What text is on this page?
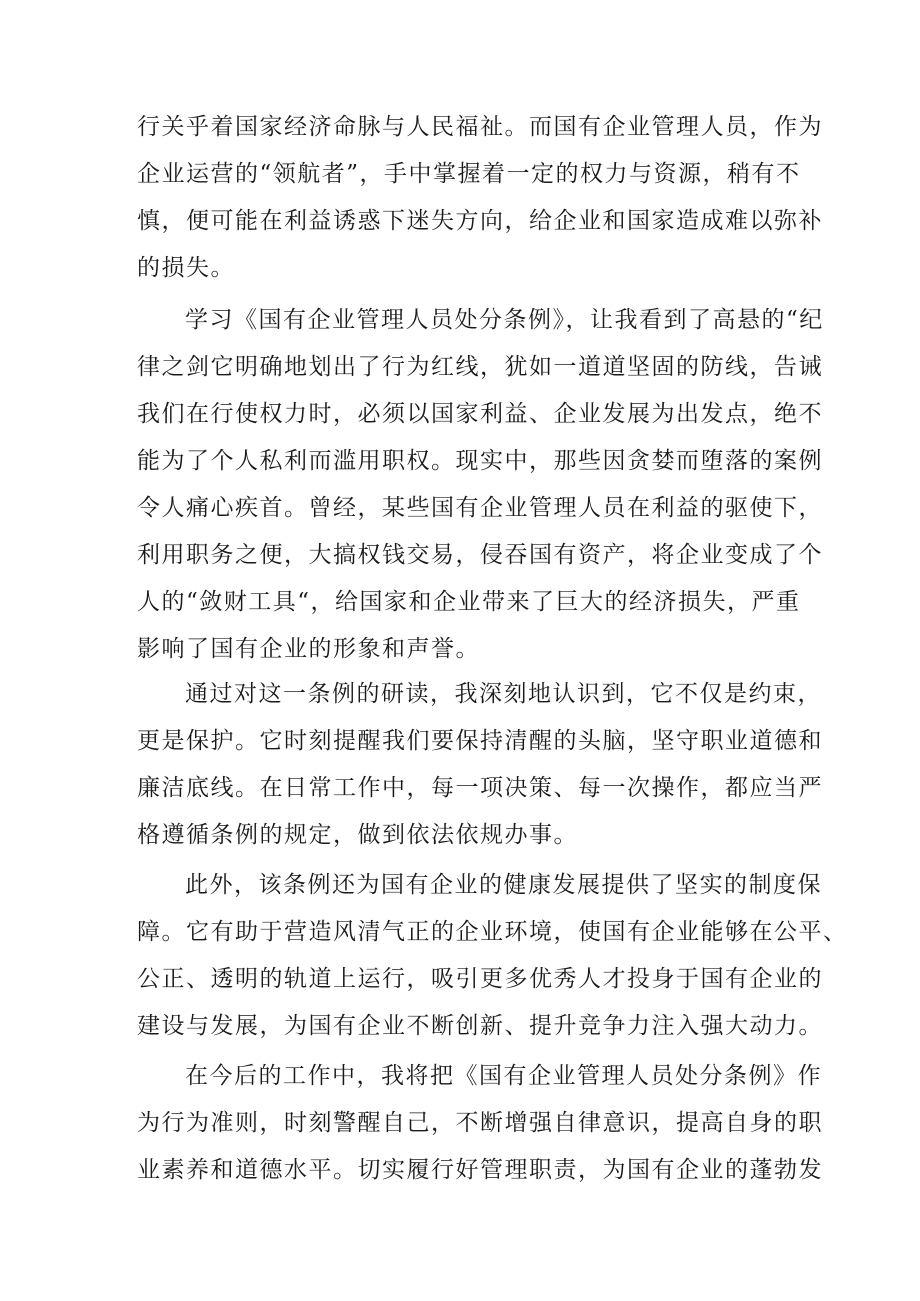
行关乎着国家经济命脉与人民福祉。而国有企业管理人员，作为
企业运营的“领航者”，手中掌握着一定的权力与资源，稍有不
慎，便可能在利益诱惑下迷失方向，给企业和国家造成难以弥补
的损失。
学习《国有企业管理人员处分条例》，让我看到了高悬的“纪
律之剑它明确地划出了行为红线，犹如一道道坚固的防线，告诫
我们在行使权力时，必须以国家利益、企业发展为出发点，绝不
能为了个人私利而滥用职权。现实中，那些因贪婪而堕落的案例
令人痛心疾首。曾经，某些国有企业管理人员在利益的驱使下，
利用职务之便，大搞权钱交易，侵吞国有资产，将企业变成了个
人的“敛财工具“，给国家和企业带来了巨大的经济损失，严重
影响了国有企业的形象和声誉。
通过对这一条例的研读，我深刻地认识到，它不仅是约束，
更是保护。它时刻提醒我们要保持清醒的头脑，坚守职业道德和
廉洁底线。在日常工作中，每一项决策、每一次操作，都应当严
格遵循条例的规定，做到依法依规办事。
此外，该条例还为国有企业的健康发展提供了坚实的制度保
障。它有助于营造风清气正的企业环境，使国有企业能够在公平、
公正、透明的轨道上运行，吸引更多优秀人才投身于国有企业的
建设与发展，为国有企业不断创新、提升竞争力注入强大动力。
在今后的工作中，我将把《国有企业管理人员处分条例》作
为行为准则，时刻警醒自己，不断增强自律意识，提高自身的职
业素养和道德水平。切实履行好管理职责，为国有企业的蓬勃发
